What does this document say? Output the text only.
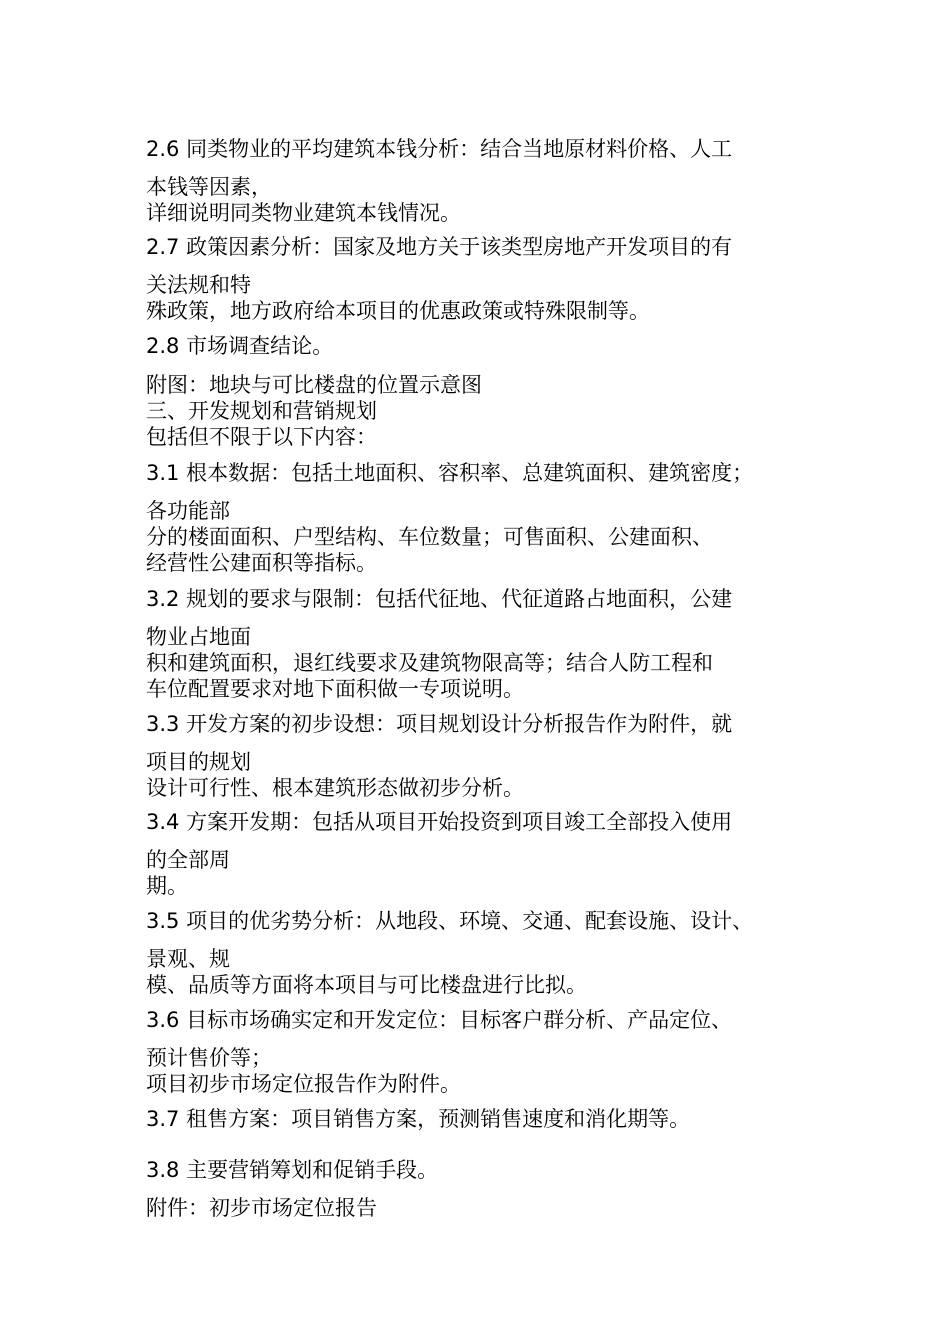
2.6 同类物业的平均建筑本钱分析：结合当地原材料价格、人工
本钱等因素，
详细说明同类物业建筑本钱情况。
2.7 政策因素分析：国家及地方关于该类型房地产开发项目的有
关法规和特
殊政策，地方政府给本项目的优惠政策或特殊限制等。
2.8 市场调查结论。
附图：地块与可比楼盘的位置示意图
三、开发规划和营销规划
包括但不限于以下内容：
3.1 根本数据：包括土地面积、容积率、总建筑面积、建筑密度；
各功能部
分的楼面面积、户型结构、车位数量；可售面积、公建面积、
经营性公建面积等指标。
3.2 规划的要求与限制：包括代征地、代征道路占地面积，公建
物业占地面
积和建筑面积，退红线要求及建筑物限高等；结合人防工程和
车位配置要求对地下面积做一专项说明。
3.3 开发方案的初步设想：项目规划设计分析报告作为附件，就
项目的规划
设计可行性、根本建筑形态做初步分析。
3.4 方案开发期：包括从项目开始投资到项目竣工全部投入使用
的全部周
期。
3.5 项目的优劣势分析：从地段、环境、交通、配套设施、设计、
景观、规
模、品质等方面将本项目与可比楼盘进行比拟。
3.6 目标市场确实定和开发定位：目标客户群分析、产品定位、
预计售价等；
项目初步市场定位报告作为附件。
3.7 租售方案：项目销售方案，预测销售速度和消化期等。
3.8 主要营销筹划和促销手段。
附件：初步市场定位报告
